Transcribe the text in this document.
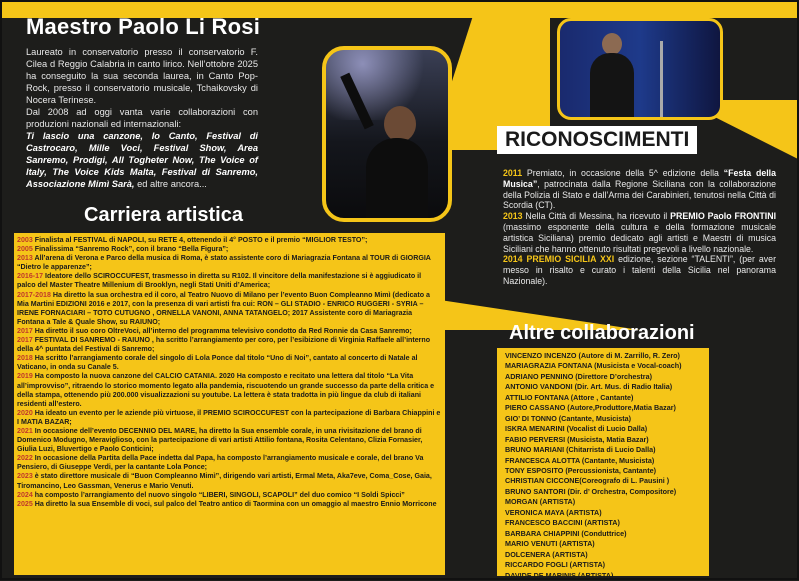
Maestro Paolo Li Rosi

Laureato in conservatorio presso il conservatorio F. Cilea d Reggio Calabria in canto lirico. Nell’ottobre 2025 ha conseguito la sua seconda laurea, in Canto Pop-Rock, presso il conservatorio musicale, Tchaikovsky di Nocera Terinese.

Dal 2008 ad oggi vanta varie collaborazioni con produzioni nazionali ed internazionali:

Ti lascio una canzone, Io Canto, Festival di Castrocaro, Mille Voci, Festival Show, Area Sanremo, Prodigi, All Togheter Now, The Voice of Italy, The Voice Kids Malta, Festival di Sanremo, Associazione Mimì Sarà, ed altre ancora...

Carriera artistica

2003 Finalista al FESTIVAL di NAPOLI, su RETE 4, ottenendo il 4° POSTO e il premio “MIGLIOR TESTO”;

2005 Finalissima “Sanremo Rock”, con il brano “Bella Figura”;

2013 All’arena di Verona e Parco della musica di Roma, è stato assistente coro di Mariagrazia Fontana al TOUR di GIORGIA “Dietro le apparenze”;

2016-17 Ideatore dello SCIROCCUFEST, trasmesso in diretta su R102. Il vincitore della manifestazione si è aggiudicato il palco del Master Theatre Millenium di Brooklyn, negli Stati Uniti d’America;

2017-2018 Ha diretto la sua orchestra ed il coro, al Teatro Nuovo di Milano per l’evento Buon Compleanno Mimì (dedicato a Mia Martini EDIZIONI 2016 e 2017, con la presenza di vari artisti fra cui: RON – GLI STADIO - ENRICO RUGGERI - SYRIA – IRENE FORNACIARI – TOTO CUTUGNO , ORNELLA VANONI, ANNA TATANGELO; 2017 Assistente coro di Mariagrazia Fontana a Tale & Quale Show, su RAIUNO;

2017 Ha diretto il suo coro OltreVoci, all’interno del programma televisivo condotto da Red Ronnie da Casa Sanremo;

2017 FESTIVAL DI SANREMO - RAIUNO , ha scritto l’arrangiamento per coro, per l’esibizione di Virginia Raffaele all’interno della 4^ puntata del Festival di Sanremo;

2018 Ha scritto l’arrangiamento corale del singolo di Lola Ponce dal titolo “Uno di Noi”, cantato al concerto di Natale al Vaticano, in onda su Canale 5.

2019 Ha composto la nuova canzone del CALCIO CATANIA. 2020 Ha composto e recitato una lettera dal titolo “La Vita all’improvviso”, ritraendo lo storico momento legato alla pandemia, riscuotendo un grande successo da parte della critica e della stampa, ottenendo più 200.000 visualizzazioni su youtube. La lettera è stata tradotta in più lingue da club di italiani residenti all’estero.

2020 Ha ideato un evento per le aziende più virtuose, il PREMIO SCIROCCUFEST con la partecipazione di Barbara Chiappini e I MATIA BAZAR;

2021 In occasione dell’evento DECENNIO DEL MARE, ha diretto la Sua ensemble corale, in una rivisitazione del brano di Domenico Modugno, Meraviglioso, con la partecipazione di vari artisti Attilio fontana, Rosita Celentano, Clizia Fornasier, Giulia Luzi, Bluvertigo e Paolo Conticini;

2022 In occasione della Partita della Pace indetta dal Papa, ha composto l’arrangiamento musicale e corale, del brano Va Pensiero, di Giuseppe Verdi, per la cantante Lola Ponce;

2023 è stato direttore musicale di “Buon Compleanno Mimì”, dirigendo vari artisti, Ermal Meta, Aka7eve, Coma_Cose, Gaia, Tiromancino, Leo Gassman, Venerus e Mario Venuti.

2024 ha composto l’arrangiamento del nuovo singolo “LIBERI, SINGOLI, SCAPOLI” del duo comico “I Soldi Spicci”

2025 Ha diretto la sua Ensemble di voci, sul palco del Teatro antico di Taormina con un omaggio al maestro Ennio Morricone

RICONOSCIMENTI

2011 Premiato, in occasione della 5^ edizione della “Festa della Musica”, patrocinata dalla Regione Siciliana con la collaborazione della Polizia di Stato e dall’Arma dei Carabinieri, tenutosi nella Città di Scordia (CT).

2013 Nella Città di Messina, ha ricevuto il PREMIO Paolo FRONTINI (massimo esponente della cultura e della formazione musicale artistica Siciliana) premio dedicato agli artisti e Maestri di musica Siciliani che hanno ottenuto risultati pregevoli a livello nazionale.

2014 PREMIO SICILIA XXI edizione, sezione “TALENTI”, (per aver messo in risalto e curato i talenti della Sicilia nel panorama Nazionale).

Altre collaborazioni
VINCENZO INCENZO (Autore di M. Zarrillo, R. Zero)
MARIAGRAZIA FONTANA (Musicista e Vocal-coach)
ADRIANO PENNINO (Direttore D’orchestra)
ANTONIO VANDONI (Dir. Art. Mus. di Radio Italia)
ATTILIO FONTANA (Attore , Cantante)
PIERO CASSANO (Autore,Produttore,Matia Bazar)
GIO’ DI TONNO (Cantante, Musicista)
ISKRA MENARINI (Vocalist di Lucio Dalla)
FABIO PERVERSI (Musicista, Matia Bazar)
BRUNO MARIANI (Chitarrista di Lucio Dalla)
FRANCESCA ALOTTA (Cantante, Musicista)
TONY ESPOSITO (Percussionista, Cantante)
CHRISTIAN CICCONE(Coreografo di L. Pausini )
BRUNO SANTORI (Dir. d’ Orchestra, Compositore)
MORGAN (ARTISTA)
VERONICA MAYA (ARTISTA)
FRANCESCO BACCINI (ARTISTA)
BARBARA CHIAPPINI (Conduttrice)
MARIO VENUTI (ARTISTA)
DOLCENERA (ARTISTA)
RICCARDO FOGLI (ARTISTA)
DAVIDE DE MARINIS (ARTISTA)
